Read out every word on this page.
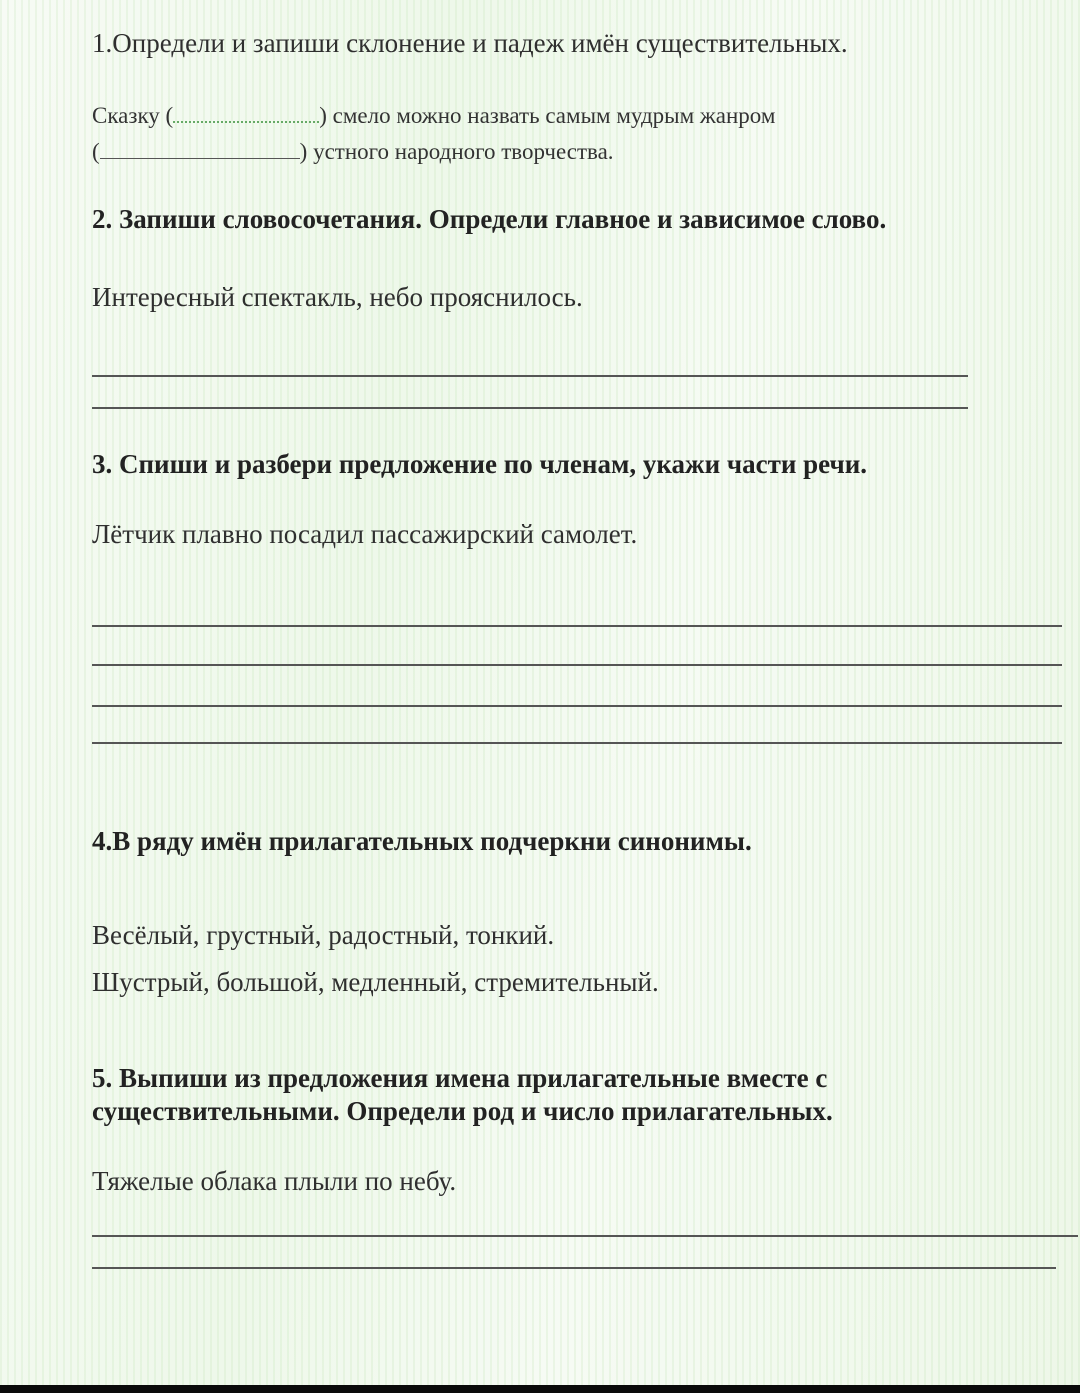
1.Определи и запиши склонение и падеж имён существительных.
Сказку (	) смело можно назвать самым мудрым жанром
(	) устного народного творчества.
2. Запиши словосочетания. Определи главное и зависимое слово.
Интересный спектакль, небо прояснилось.
3. Спиши и разбери предложение по членам, укажи части речи.
Лётчик плавно посадил пассажирский самолет.
4.В ряду имён прилагательных подчеркни синонимы.
Весёлый, грустный, радостный, тонкий.
Шустрый, большой, медленный, стремительный.
5. Выпиши из предложения имена прилагательные вместе с
существительными. Определи род и число прилагательных.
Тяжелые облака плыли по небу.
